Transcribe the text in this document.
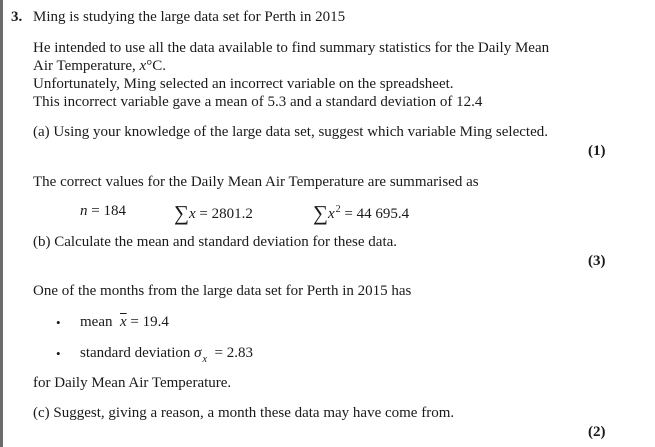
3. Ming is studying the large data set for Perth in 2015
He intended to use all the data available to find summary statistics for the Daily Mean
Air Temperature, x°C.
Unfortunately, Ming selected an incorrect variable on the spreadsheet.
This incorrect variable gave a mean of 5.3 and a standard deviation of 12.4
(a) Using your knowledge of the large data set, suggest which variable Ming selected.
(1)
The correct values for the Daily Mean Air Temperature are summarised as
n = 184 ∑x = 2801.2	$\sum x^2 = 44$ 695.4
(b) Calculate the mean and standard deviation for these data.
(3)
One of the months from the large data set for Perth in 2015 has
• mean $\overline{x} = 19.4$
• standard deviation $\sigma_x = 2.83$
for Daily Mean Air Temperature.
(c) Suggest, giving a reason, a month these data may have come from.
(2)
